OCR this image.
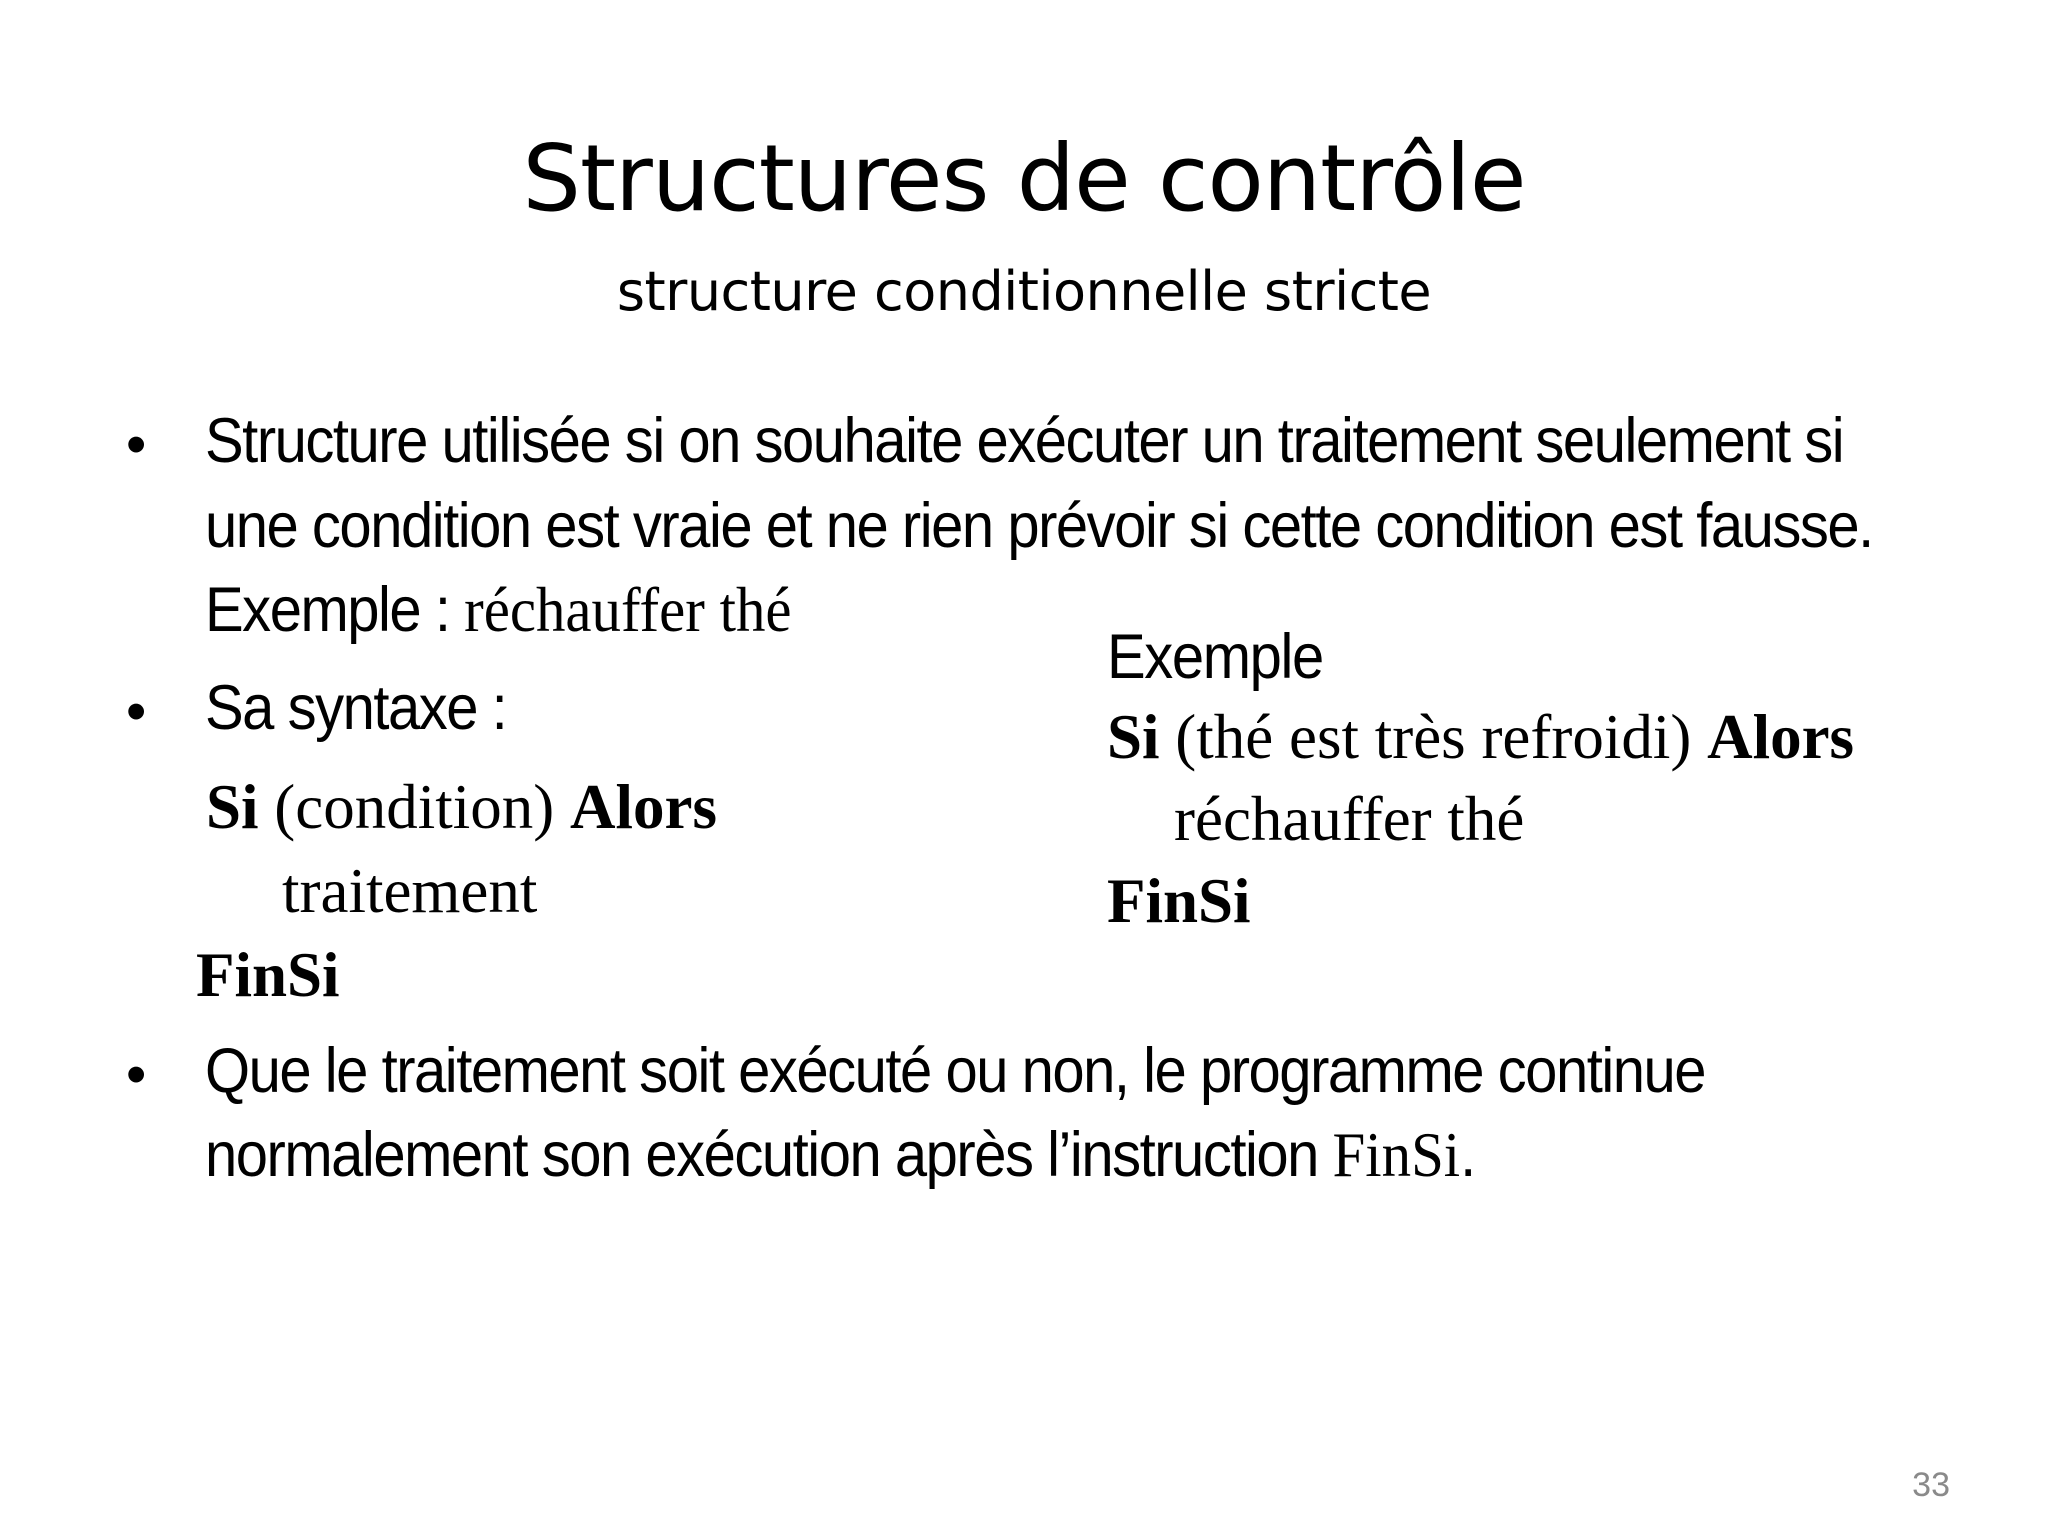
Structures de contrôle
structure conditionnelle stricte
• Structure utilisée si on souhaite exécuter un traitement seulement si
une condition est vraie et ne rien prévoir si cette condition est fausse.
Exemple : réchauffer thé
• Sa syntaxe :
Si (condition) Alors
traitement
FinSi
Exemple
Si (thé est très refroidi) Alors
réchauffer thé
FinSi
• Que le traitement soit exécuté ou non, le programme continue
normalement son exécution après l’instruction FinSi.
33
